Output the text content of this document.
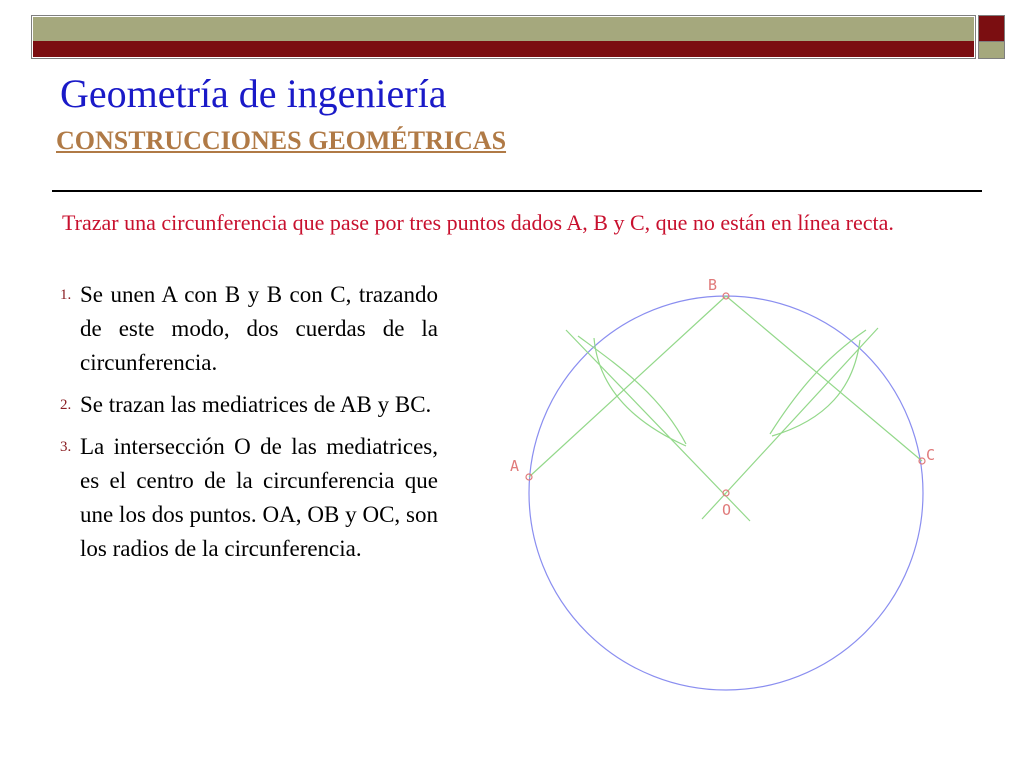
Geometría de ingeniería
CONSTRUCCIONES GEOMÉTRICAS

Trazar una circunferencia que pase por tres puntos dados A, B y C, que no están en línea recta.

1. Se unen A con B y B con C, trazando de este modo, dos cuerdas de la circunferencia.
2. Se trazan las mediatrices de AB y BC.
3. La intersección O de las mediatrices, es el centro de la circunferencia que une los dos puntos. OA, OB y OC, son los radios de la circunferencia.
A
B
C
O
